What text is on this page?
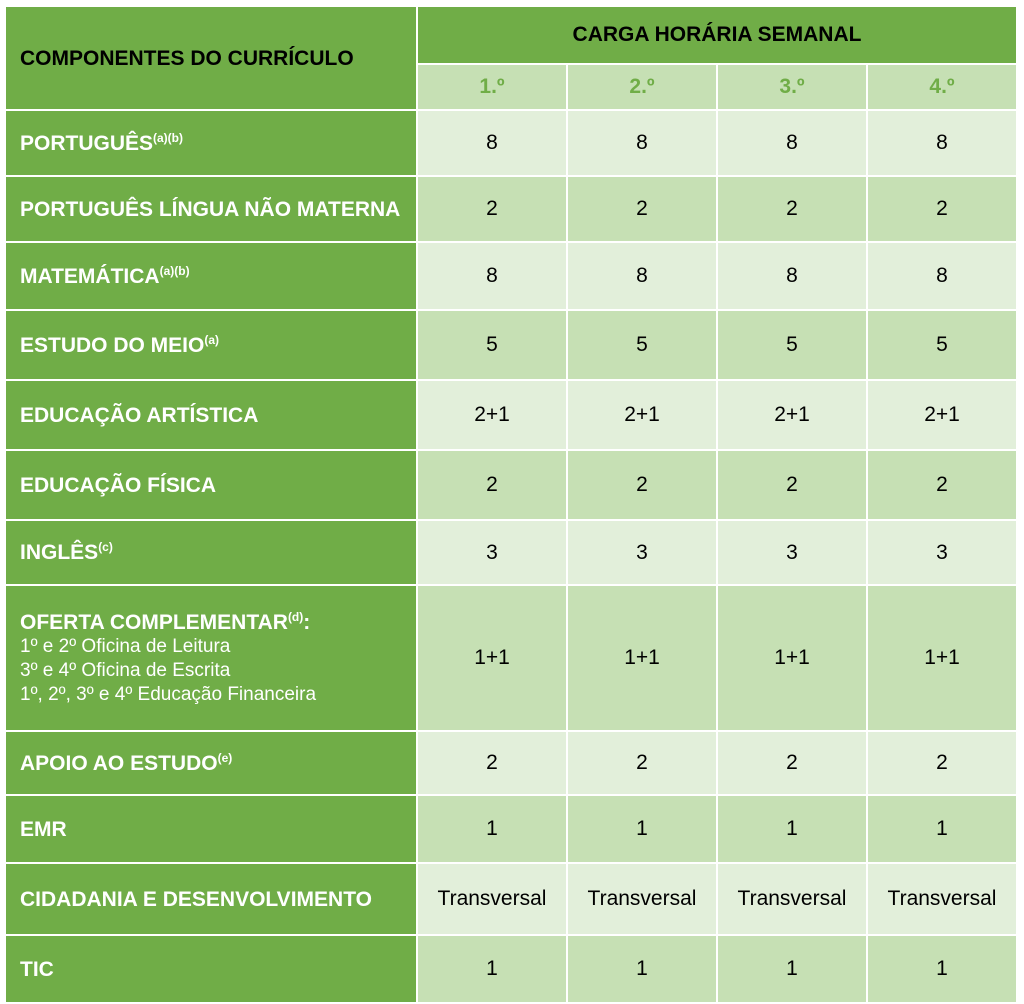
COMPONENTES DO CURRÍCULO	CARGA HORÁRIA SEMANAL			
	1.º	2.º	3.º	4.º
$PORTUGUÊS^{(a)(b)}$	8	8	8	8
PORTUGUÊS LÍNGUA NÃO MATERNA	2	2	2	2
$MATEMÁTICA^{(a)(b)}$	8	8	8	8
ESTUDO DO MEIO$^{(a)}$	5	5	5	5
EDUCAÇÃO ARTÍSTICA	2+1	2+1	2+1	2+1
EDUCAÇÃO FÍSICA	2	2	2	2
INGLÊS$^{(c)}$	3	3	3	3
OFERTA COMPLEMENTAR$^{(d)}$:
1º e 2º Oficina de Leitura
3º e 4º Oficina de Escrita
1º, 2º, 3º e 4º Educação Financeira	1+1	1+1	1+1	1+1
APOIO AO ESTUDO$^{(e)}$	2	2	2	2
EMR	1	1	1	1
CIDADANIA E DESENVOLVIMENTO	Transversal	Transversal	Transversal	Transversal
TIC	1	1	1	1
